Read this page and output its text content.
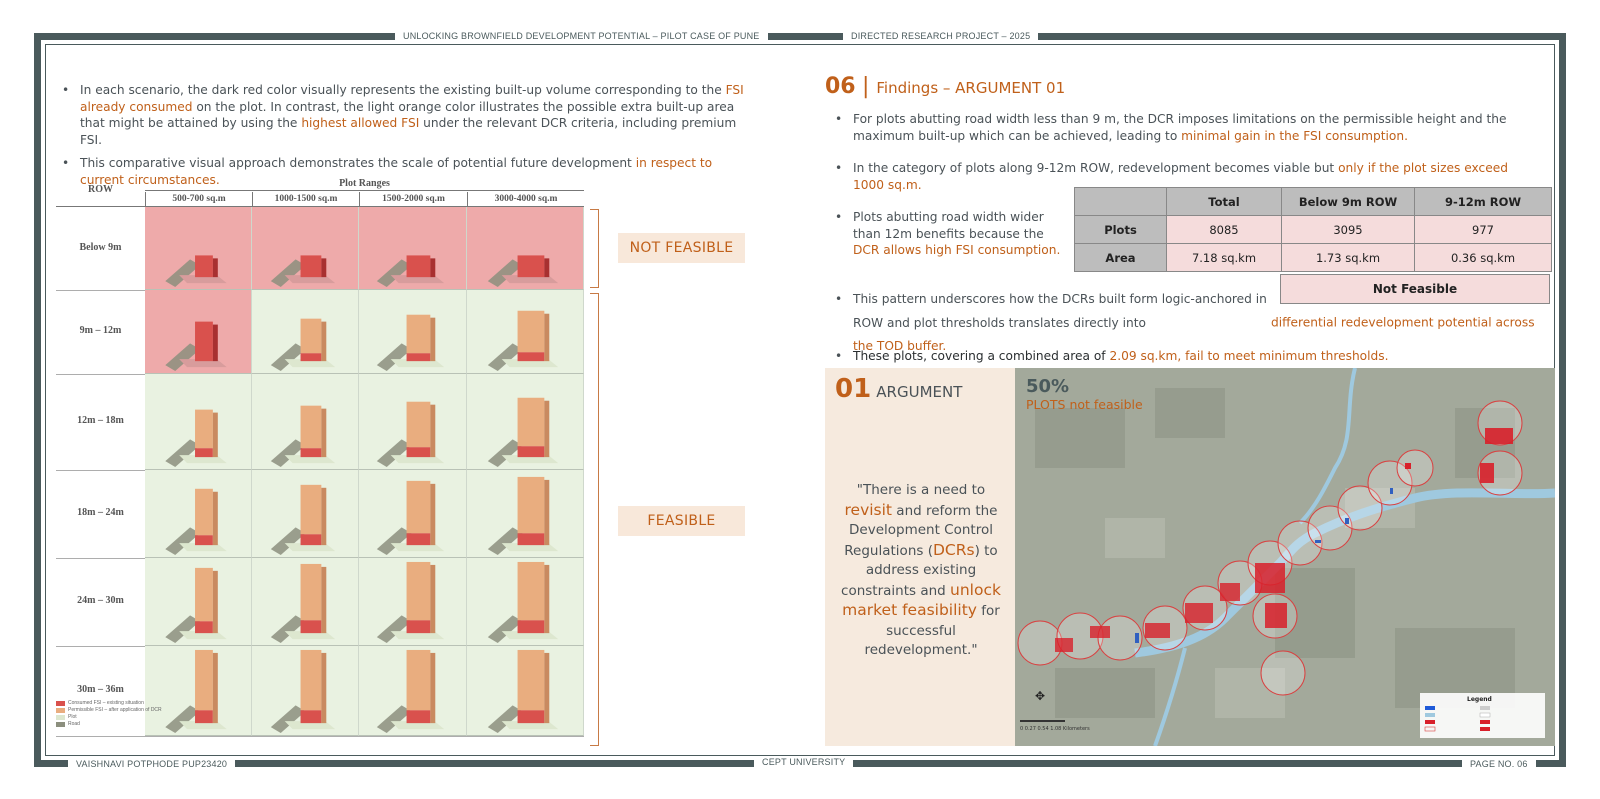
UNLOCKING BROWNFIELD DEVELOPMENT POTENTIAL – PILOT CASE OF PUNE	DIRECTED RESEARCH PROJECT – 2025
VAISHNAVI POTPHODE PUP23420	CEPT UNIVERSITY	PAGE NO. 06
• In each scenario, the dark red color visually represents the existing built-up volume corresponding to the FSI already consumed on the plot. In contrast, the light orange color illustrates the possible extra built-up area that might be attained by using the highest allowed FSI under the relevant DCR criteria, including premium FSI.
• This comparative visual approach demonstrates the scale of potential future development in respect to current circumstances.	Plot Ranges
ROW
500-700 sq.m	1000-1500 sq.m	1500-2000 sq.m	3000-4000 sq.m
Below 9m
9m – 12m
12m – 18m
18m – 24m
24m – 30m
30m – 36m
Consumed FSI – existing situation
Permissible FSI – after application of DCR
Plot
Road
NOT FEASIBLE
FEASIBLE
06 | Findings – ARGUMENT 01
• For plots abutting road width less than 9 m, the DCR imposes limitations on the permissible height and the maximum built-up which can be achieved, leading to minimal gain in the FSI consumption.
• In the category of plots along 9-12m ROW, redevelopment becomes viable but only if the plot sizes exceed 1000 sq.m.
• Plots abutting road width wider than 12m benefits because the DCR allows high FSI consumption.
• This pattern underscores how the DCRs built form logic-anchored in ROW and plot thresholds translates directly into	differential redevelopment potential across the TOD buffer.
• These plots, covering a combined area of 2.09 sq.km, fail to meet minimum thresholds.
	Total	Below 9m ROW	9-12m ROW
Plots	8085	3095	977
Area	7.18 sq.km	1.73 sq.km	0.36 sq.km
Not Feasible
01 ARGUMENT
"There is a need to revisit and reform the Development Control Regulations (DCRs) to address existing constraints and unlock market feasibility for successful redevelopment."
✥
0 0.27 0.54 1.08 Kilometers
Legend
50%
PLOTS not feasible
